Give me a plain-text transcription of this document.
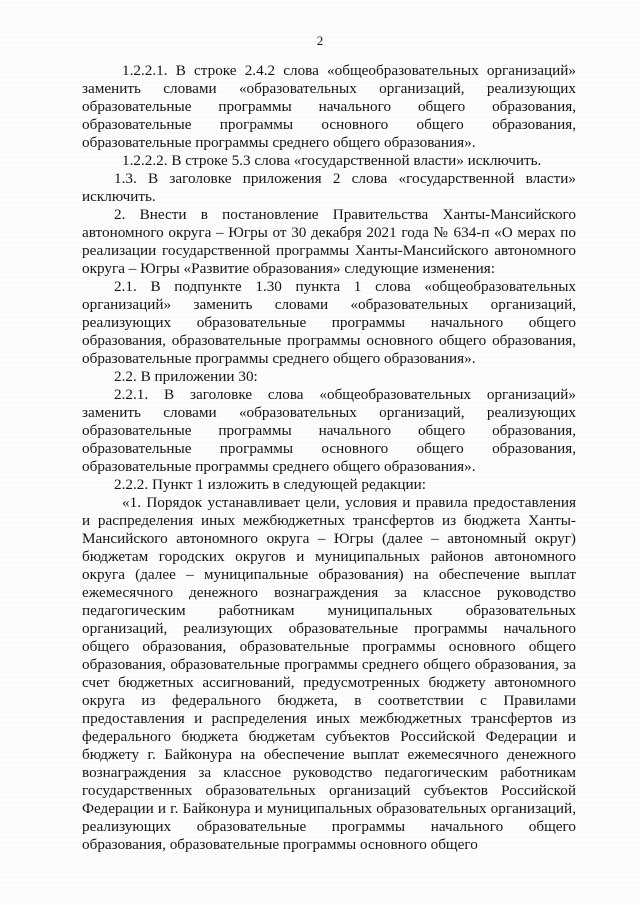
2

1.2.2.1. В строке 2.4.2 слова «общеобразовательных организаций» заменить словами «образовательных организаций, реализующих образовательные программы начального общего образования, образовательные программы основного общего образования, образовательные программы среднего общего образования».

1.2.2.2. В строке 5.3 слова «государственной власти» исключить.

1.3. В заголовке приложения 2 слова «государственной власти» исключить.

2. Внести в постановление Правительства Ханты-Мансийского автономного округа – Югры от 30 декабря 2021 года № 634-п «О мерах по реализации государственной программы Ханты-Мансийского автономного округа – Югры «Развитие образования» следующие изменения:

2.1. В подпункте 1.30 пункта 1 слова «общеобразовательных организаций» заменить словами «образовательных организаций, реализующих образовательные программы начального общего образования, образовательные программы основного общего образования, образовательные программы среднего общего образования».

2.2. В приложении 30:

2.2.1. В заголовке слова «общеобразовательных организаций» заменить словами «образовательных организаций, реализующих образовательные программы начального общего образования, образовательные программы основного общего образования, образовательные программы среднего общего образования».

2.2.2. Пункт 1 изложить в следующей редакции:

«1. Порядок устанавливает цели, условия и правила предоставления и распределения иных межбюджетных трансфертов из бюджета Ханты-Мансийского автономного округа – Югры (далее – автономный округ) бюджетам городских округов и муниципальных районов автономного округа (далее – муниципальные образования) на обеспечение выплат ежемесячного денежного вознаграждения за классное руководство педагогическим работникам муниципальных образовательных организаций, реализующих образовательные программы начального общего образования, образовательные программы основного общего образования, образовательные программы среднего общего образования, за счет бюджетных ассигнований, предусмотренных бюджету автономного округа из федерального бюджета, в соответствии с Правилами предоставления и распределения иных межбюджетных трансфертов из федерального бюджета бюджетам субъектов Российской Федерации и бюджету г. Байконура на обеспечение выплат ежемесячного денежного вознаграждения за классное руководство педагогическим работникам государственных образовательных организаций субъектов Российской Федерации и г. Байконура и муниципальных образовательных организаций, реализующих образовательные программы начального общего образования, образовательные программы основного общего
